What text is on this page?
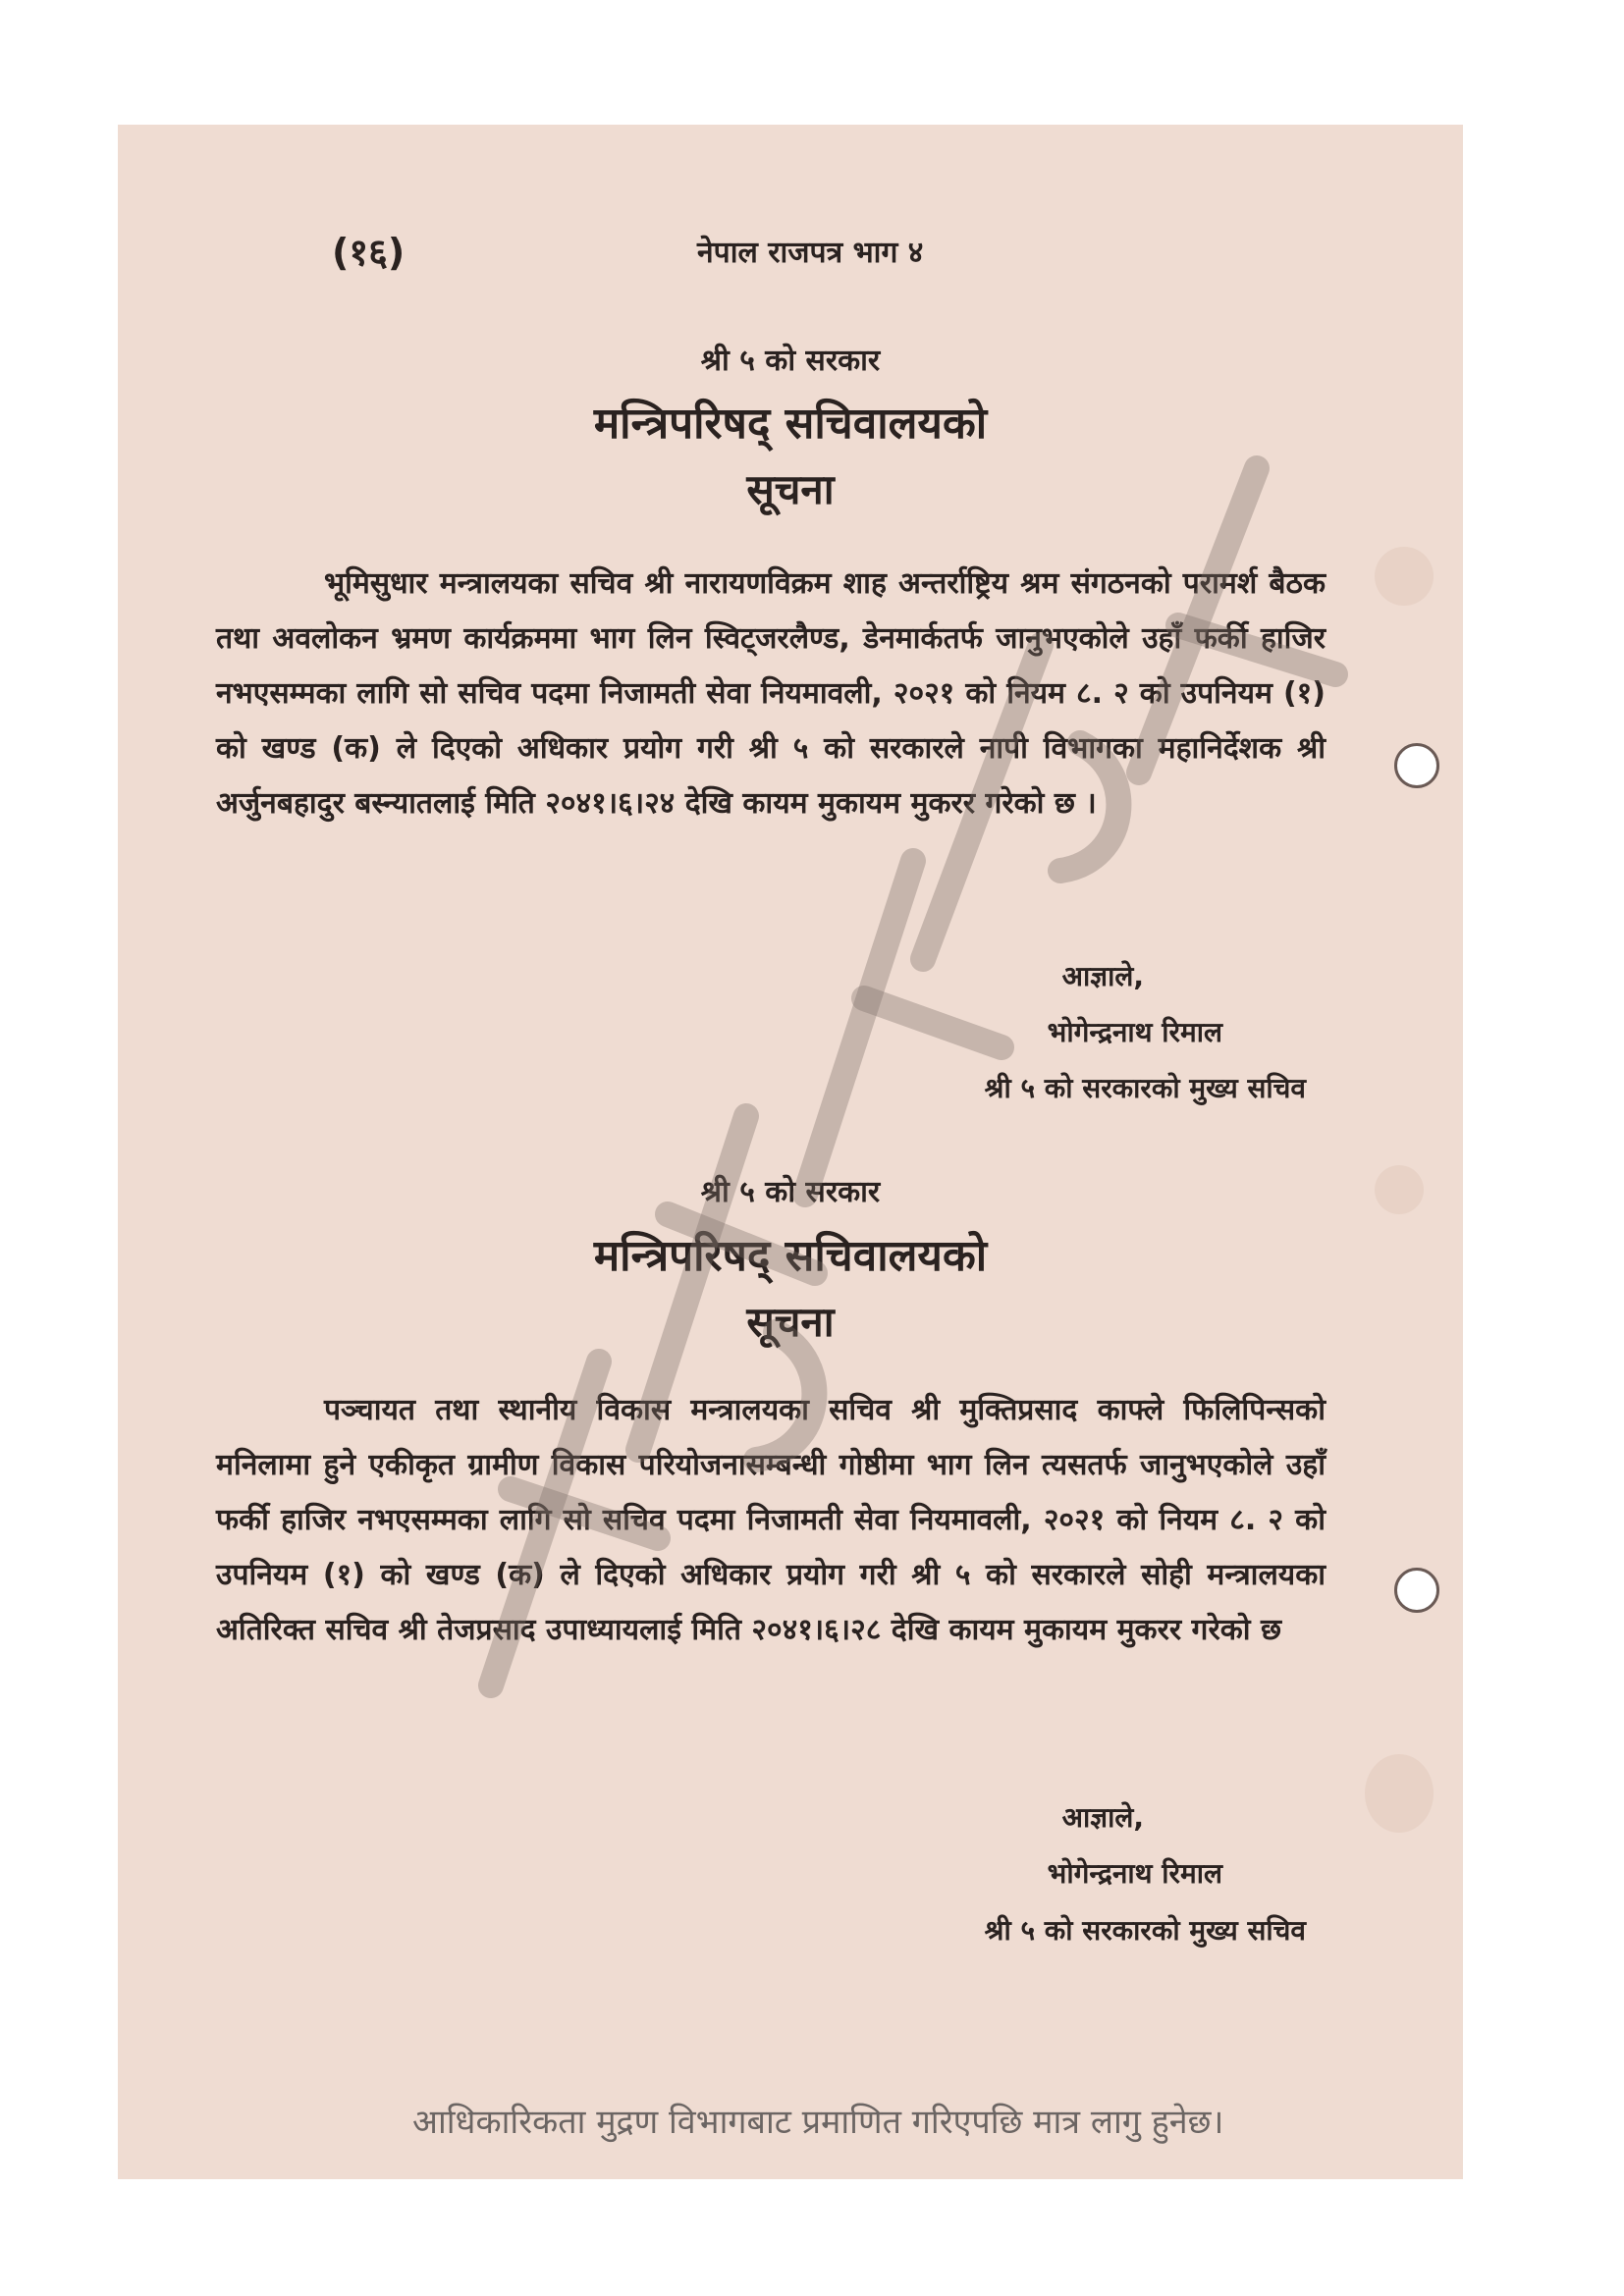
(१६)	नेपाल राजपत्र भाग ४
श्री ५ को सरकार
मन्त्रिपरिषद् सचिवालयको
सूचना

भूमिसुधार मन्त्रालयका सचिव श्री नारायणविक्रम शाह अन्तर्राष्ट्रिय श्रम संगठनको परामर्श बैठक तथा अवलोकन भ्रमण कार्यक्रममा भाग लिन स्विट्जरलैण्ड, डेनमार्कतर्फ जानुभएकोले उहाँ फर्की हाजिर नभएसम्मका लागि सो सचिव पदमा निजामती सेवा नियमावली, २०२१ को नियम ८. २ को उपनियम (१) को खण्ड (क) ले दिएको अधिकार प्रयोग गरी श्री ५ को सरकारले नापी विभागका महानिर्देशक श्री अर्जुनबहादुर बस्न्यातलाई मिति २०४१।६।२४ देखि कायम मुकायम मुकरर गरेको छ ।

आज्ञाले,
भोगेन्द्रनाथ रिमाल
श्री ५ को सरकारको मुख्य सचिव
श्री ५ को सरकार
मन्त्रिपरिषद् सचिवालयको
सूचना

पञ्चायत तथा स्थानीय विकास मन्त्रालयका सचिव श्री मुक्तिप्रसाद काफ्ले फिलिपिन्सको मनिलामा हुने एकीकृत ग्रामीण विकास परियोजनासम्बन्धी गोष्ठीमा भाग लिन त्यसतर्फ जानुभएकोले उहाँ फर्की हाजिर नभएसम्मका लागि सो सचिव पदमा निजामती सेवा नियमावली, २०२१ को नियम ८. २ को उपनियम (१) को खण्ड (क) ले दिएको अधिकार प्रयोग गरी श्री ५ को सरकारले सोही मन्त्रालयका अतिरिक्त सचिव श्री तेजप्रसाद उपाध्यायलाई मिति २०४१।६।२८ देखि कायम मुकायम मुकरर गरेको छ

आज्ञाले,
भोगेन्द्रनाथ रिमाल
श्री ५ को सरकारको मुख्य सचिव
आधिकारिकता मुद्रण विभागबाट प्रमाणित गरिएपछि मात्र लागु हुनेछ।
